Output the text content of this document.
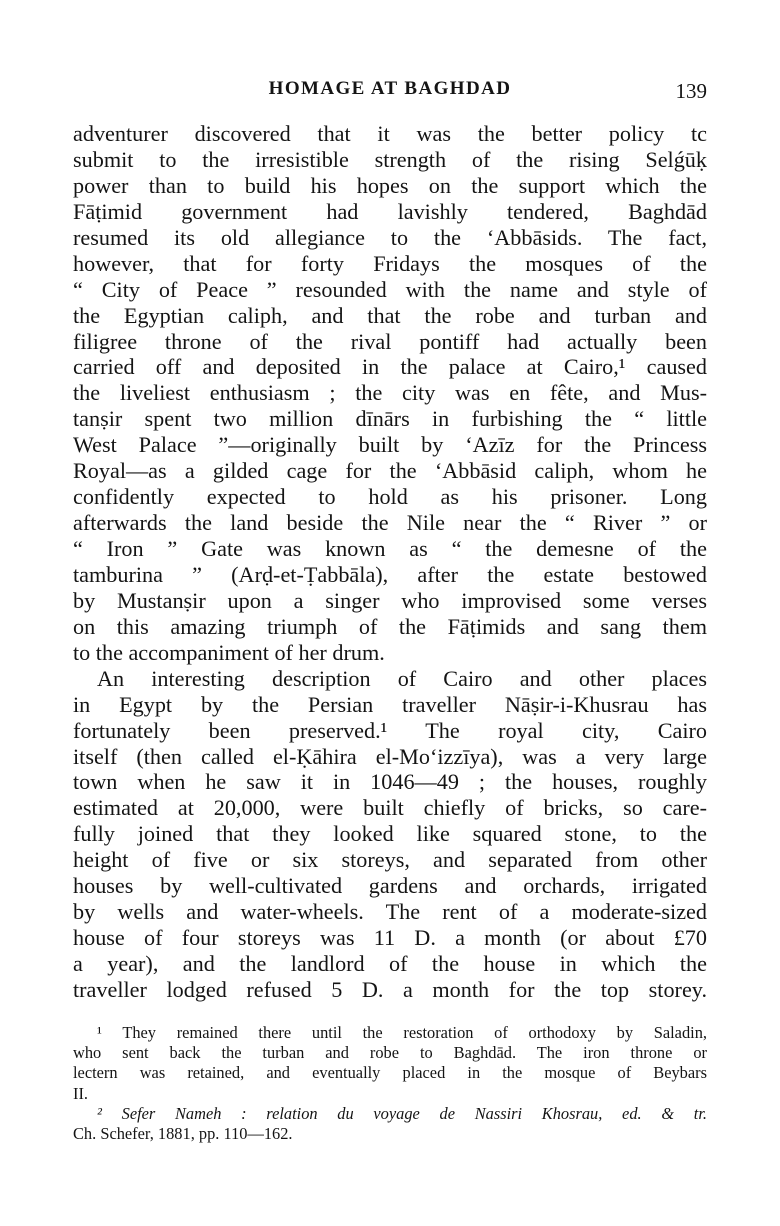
HOMAGE AT BAGHDAD	139
adventurer discovered that it was the better policy tc
submit to the irresistible strength of the rising Selǵūḳ
power than to build his hopes on the support which the
Fāṭimid government had lavishly tendered, Baghdād
resumed its old allegiance to the ‘Abbāsids. The fact,
however, that for forty Fridays the mosques of the
“ City of Peace ” resounded with the name and style of
the Egyptian caliph, and that the robe and turban and
filigree throne of the rival pontiff had actually been
carried off and deposited in the palace at Cairo,¹ caused
the liveliest enthusiasm ; the city was en fête, and Mus-
tanṣir spent two million dīnārs in furbishing the “ little
West Palace ”—originally built by ‘Azīz for the Princess
Royal—as a gilded cage for the ‘Abbāsid caliph, whom he
confidently expected to hold as his prisoner. Long
afterwards the land beside the Nile near the “ River ” or
“ Iron ” Gate was known as “ the demesne of the
tamburina ” (Arḍ-et-Ṭabbāla), after the estate bestowed
by Mustanṣir upon a singer who improvised some verses
on this amazing triumph of the Fāṭimids and sang them
to the accompaniment of her drum.
An interesting description of Cairo and other places
in Egypt by the Persian traveller Nāṣir-i-Khusrau has
fortunately been preserved.¹ The royal city, Cairo
itself (then called el-Ḳāhira el-Mo‘izzīya), was a very large
town when he saw it in 1046—49 ; the houses, roughly
estimated at 20,000, were built chiefly of bricks, so care-
fully joined that they looked like squared stone, to the
height of five or six storeys, and separated from other
houses by well-cultivated gardens and orchards, irrigated
by wells and water-wheels. The rent of a moderate-sized
house of four storeys was 11 D. a month (or about £70
a year), and the landlord of the house in which the
traveller lodged refused 5 D. a month for the top storey.
¹ They remained there until the restoration of orthodoxy by Saladin,
who sent back the turban and robe to Baghdād. The iron throne or
lectern was retained, and eventually placed in the mosque of Beybars
II.
² Sefer Nameh : relation du voyage de Nassiri Khosrau, ed. & tr.
Ch. Schefer, 1881, pp. 110—162.
